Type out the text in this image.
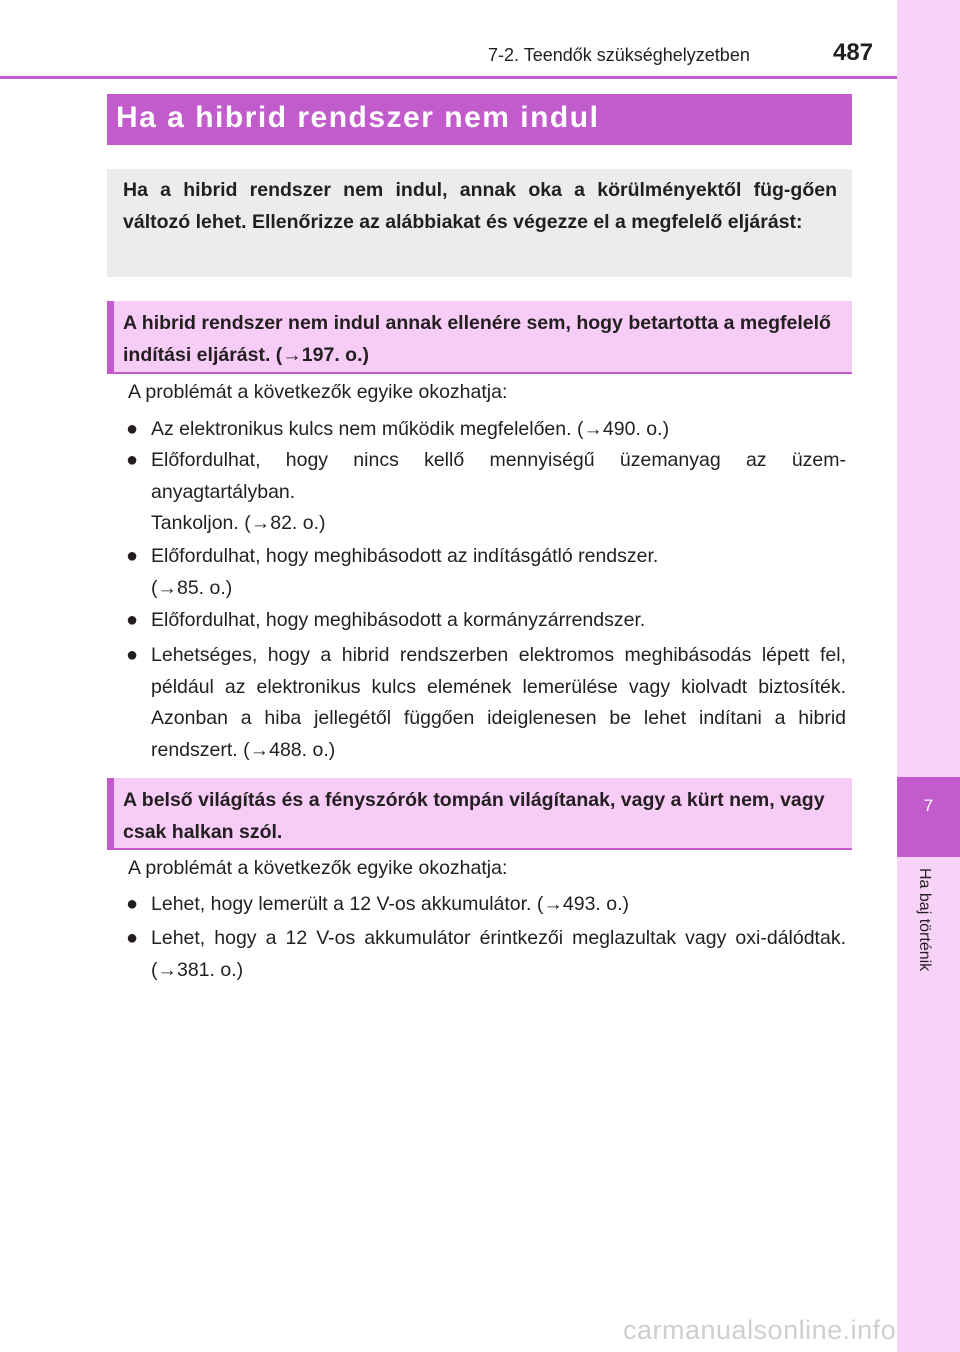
7-2. Teendők szükséghelyzetben	487
7
Ha baj történik
Ha a hibrid rendszer nem indul
Ha a hibrid rendszer nem indul, annak oka a körülményektől füg-gően változó lehet. Ellenőrizze az alábbiakat és végezze el a megfelelő eljárást:
A hibrid rendszer nem indul annak ellenére sem, hogy betartotta a megfelelő indítási eljárást. (→197. o.)
A problémát a következők egyike okozhatja:
● Az elektronikus kulcs nem működik megfelelően. (→490. o.)
● Előfordulhat, hogy nincs kellő mennyiségű üzemanyag az üzem-anyagtartályban.
Tankoljon. (→82. o.)
● Előfordulhat, hogy meghibásodott az indításgátló rendszer.
(→85. o.)
● Előfordulhat, hogy meghibásodott a kormányzárrendszer.
● Lehetséges, hogy a hibrid rendszerben elektromos meghibásodás lépett fel, például az elektronikus kulcs elemének lemerülése vagy kiolvadt biztosíték. Azonban a hiba jellegétől függően ideiglenesen be lehet indítani a hibrid rendszert. (→488. o.)
A belső világítás és a fényszórók tompán világítanak, vagy a kürt nem, vagy csak halkan szól.
A problémát a következők egyike okozhatja:
● Lehet, hogy lemerült a 12 V-os akkumulátor. (→493. o.)
● Lehet, hogy a 12 V-os akkumulátor érintkezői meglazultak vagy oxi-dálódtak. (→381. o.)
carmanualsonline.info
